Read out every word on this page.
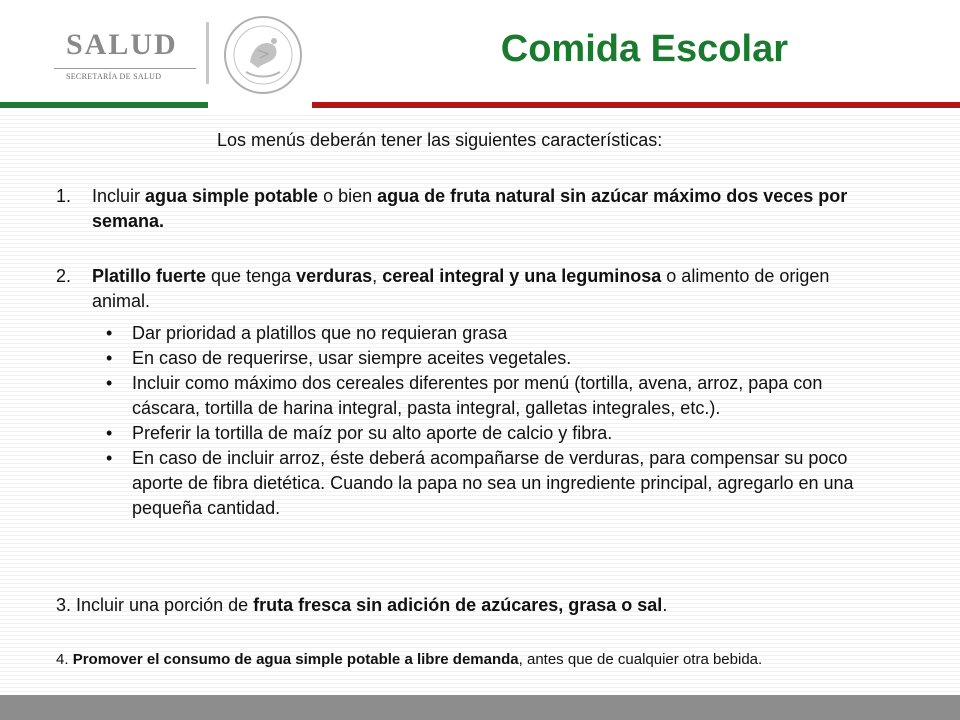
SALUD
SECRETARÍA DE SALUD
Comida Escolar
Los menús deberán tener las siguientes características:
1. Incluir agua simple potable o bien agua de fruta natural sin azúcar máximo dos veces por semana.
2. Platillo fuerte que tenga verduras, cereal integral y una leguminosa o alimento de origen animal.
• Dar prioridad a platillos que no requieran grasa
• En caso de requerirse, usar siempre aceites vegetales.
• Incluir como máximo dos cereales diferentes por menú (tortilla, avena, arroz, papa con cáscara, tortilla de harina integral, pasta integral, galletas integrales, etc.).
• Preferir la tortilla de maíz por su alto aporte de calcio y fibra.
• En caso de incluir arroz, éste deberá acompañarse de verduras, para compensar su poco aporte de fibra dietética. Cuando la papa no sea un ingrediente principal, agregarlo en una pequeña cantidad.
3. Incluir una porción de fruta fresca sin adición de azúcares, grasa o sal.
4. Promover el consumo de agua simple potable a libre demanda, antes que de cualquier otra bebida.
